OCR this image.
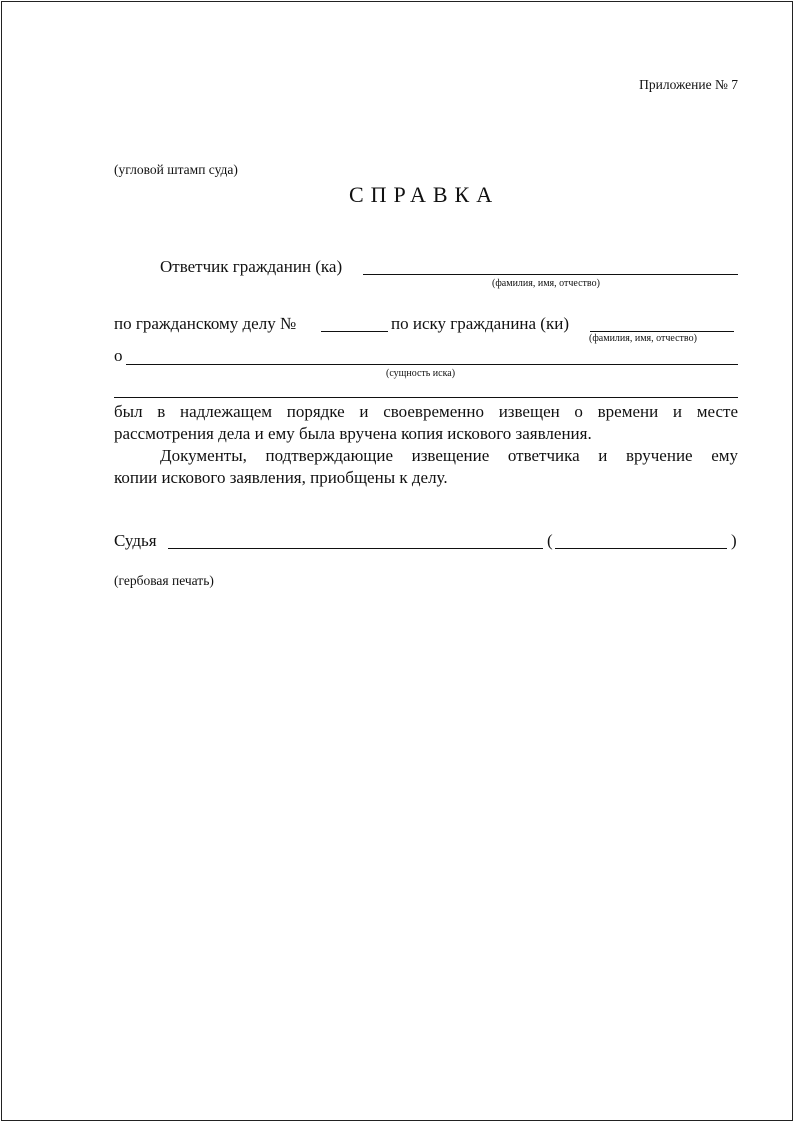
Приложение № 7
(угловой штамп суда)
СПРАВКА
Ответчик гражданин (ка)
(фамилия, имя, отчество)
по гражданскому делу №	по иску гражданина (ки)
(фамилия, имя, отчество)
о
(сущность иска)
был в надлежащем порядке и своевременно извещен о времени и месте
рассмотрения дела и ему была вручена копия искового заявления.
Документы, подтверждающие извещение ответчика и вручение ему
копии искового заявления, приобщены к делу.
Судья	(	)
(гербовая печать)
